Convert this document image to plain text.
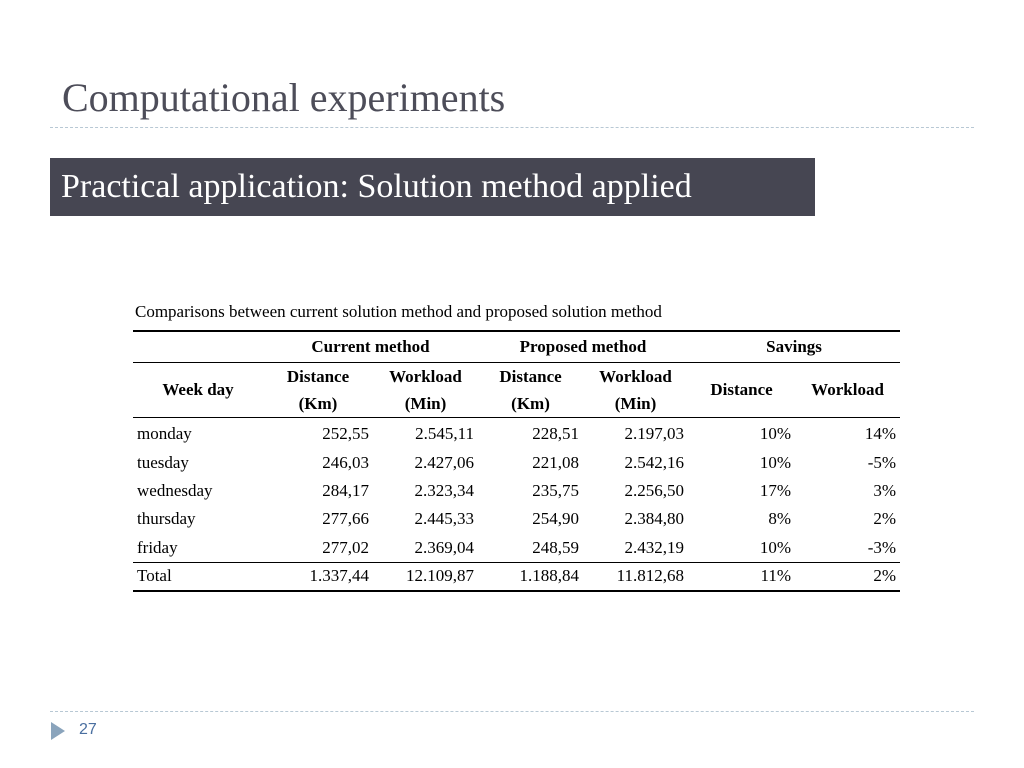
Computational experiments
Practical application: Solution method applied
Comparisons between current solution method and proposed solution method
	Current method		Proposed method		Savings	
Week day	Distance	Workload	Distance	Workload	Distance	Workload
	(Km)	(Min)	(Km)	(Min)		
monday	252,55	2.545,11	228,51	2.197,03	10%	14%
tuesday	246,03	2.427,06	221,08	2.542,16	10%	-5%
wednesday	284,17	2.323,34	235,75	2.256,50	17%	3%
thursday	277,66	2.445,33	254,90	2.384,80	8%	2%
friday	277,02	2.369,04	248,59	2.432,19	10%	-3%
Total	1.337,44	12.109,87	1.188,84	11.812,68	11%	2%
27
